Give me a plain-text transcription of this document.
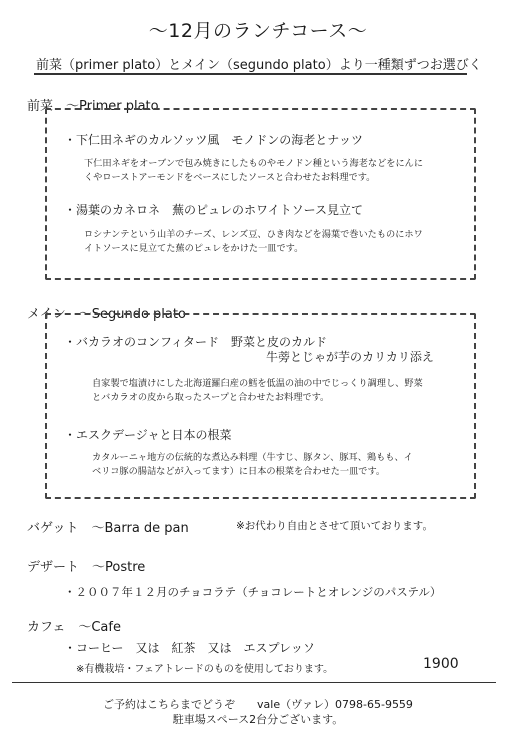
～12月のランチコース～
前菜（primer plato）とメイン（segundo plato）より一種類ずつお選びく
前菜　～Primer plato
・下仁田ネギのカルソッツ風　モノドンの海老とナッツ
下仁田ネギをオーブンで包み焼きにしたものやモノドン種という海老などをにんに
くやローストアーモンドをベースにしたソースと合わせたお料理です。
・湯葉のカネロネ　蕪のピュレのホワイトソース見立て
ロシナンテという山羊のチーズ、レンズ豆、ひき肉などを湯葉で巻いたものにホワ
イトソースに見立てた蕪のピュレをかけた一皿です。
メイン　～Segundo plato
・バカラオのコンフィタード　野菜と皮のカルド
牛蒡とじゃが芋のカリカリ添え
自家製で塩漬けにした北海道羅臼産の鱈を低温の油の中でじっくり調理し、野菜
とバカラオの皮から取ったスープと合わせたお料理です。
・エスクデージャと日本の根菜
カタルーニャ地方の伝統的な煮込み料理（牛すじ、豚タン、豚耳、鶏もも、イ
ベリコ豚の腸詰などが入ってます）に日本の根菜を合わせた一皿です。
バゲット　～Barra de pan	※お代わり自由とさせて頂いております。
デザート　～Postre
・２００７年１２月のチョコラテ（チョコレートとオレンジのパステル）
カフェ　～Cafe
・コーヒー　又は　紅茶　又は　エスプレッソ
※有機栽培・フェアトレードのものを使用しております。	1900
ご予約はこちらまでどうぞ　　vale（ヴァレ）0798-65-9559
駐車場スペース2台分ございます。
